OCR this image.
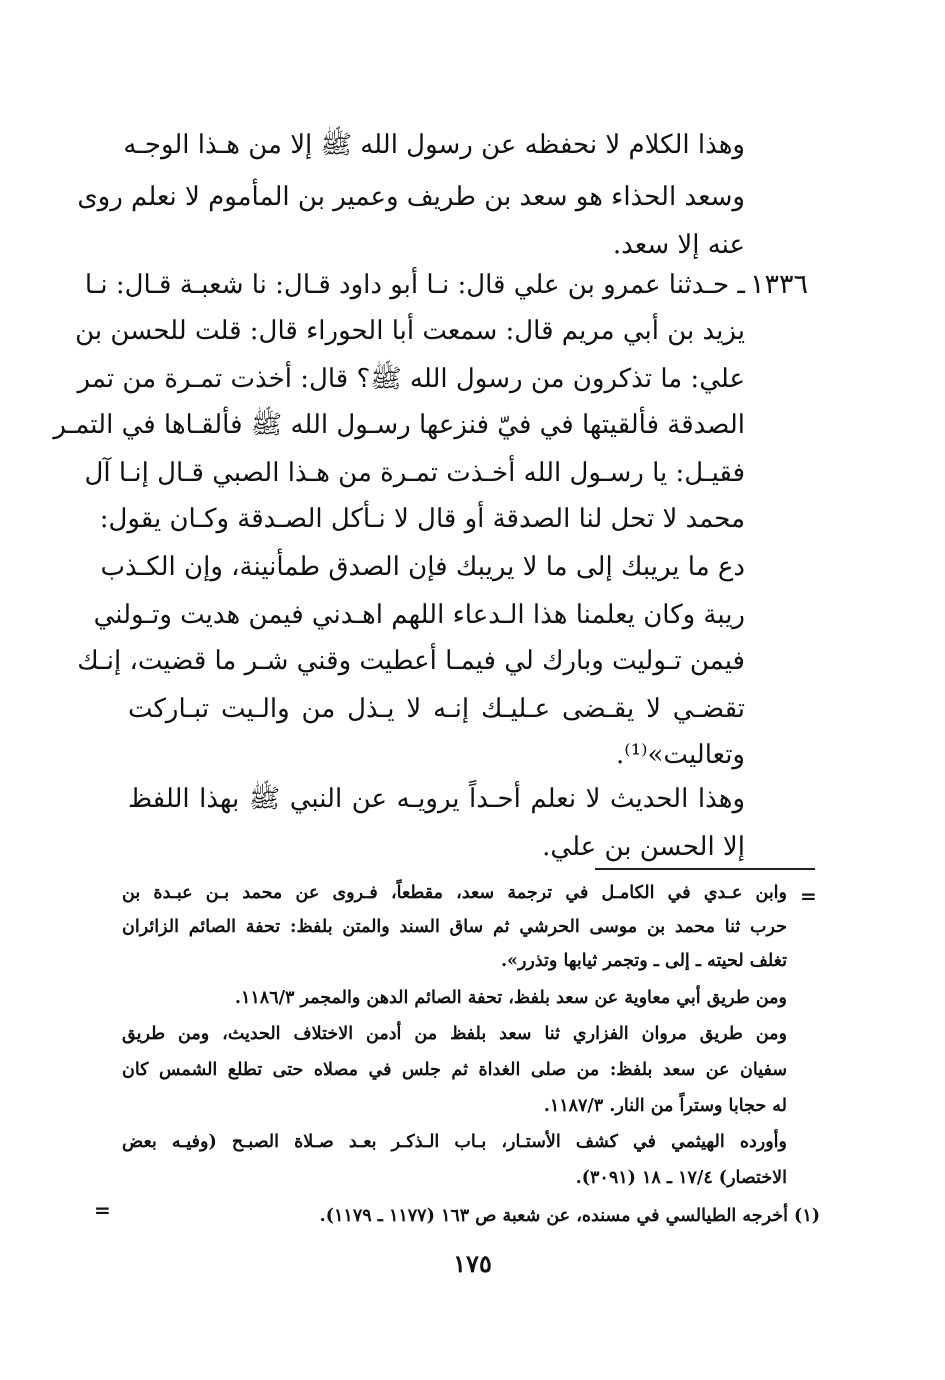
وهذا الكلام لا نحفظه عن رسول الله ﷺ إلا من هـذا الوجـه
وسعد الحذاء هو سعد بن طريف وعمير بن المأموم لا نعلم روى
عنه إلا سعد.
١٣٣٦
ـ حـدثنا عمرو بن علي قال: نـا أبو داود قـال: نا شعبـة قـال: نـا
يزيد بن أبي مريم قال: سمعت أبا الحوراء قال: قلت للحسن بن
علي: ما تذكرون من رسول الله ﷺ؟ قال: أخذت تمـرة من تمر
الصدقة فألقيتها في فيّ فنزعها رسـول الله ﷺ فألقـاها في التمـر
فقيـل: يا رسـول الله أخـذت تمـرة من هـذا الصبي قـال إنـا آل
محمد لا تحل لنا الصدقة أو قال لا نـأكل الصـدقة وكـان يقول:
دع ما يريبك إلى ما لا يريبك فإن الصدق طمأنينة، وإن الكـذب
ريبة وكان يعلمنا هذا الـدعاء اللهم اهـدني فيمن هديت وتـولني
فيمن تـوليت وبارك لي فيمـا أعطيت وقني شـر ما قضيت، إنـك
تقضـي لا يقـضى عـليـك إنـه لا يـذل من والـيت تبـاركت
وتعاليت»⁽¹⁾.
وهذا الحديث لا نعلم أحـداً يرويـه عن النبي ﷺ بهذا اللفظ
إلا الحسن بن علي.
=
وابن عـدي في الكامـل في ترجمة سعد، مقطعاً، فـروى عن محمد بـن عبـدة بن
حرب ثنا محمد بن موسى الحرشي ثم ساق السند والمتن بلفظ: تحفة الصائم الزائران
تغلف لحيته ـ إلى ـ وتجمر ثيابها وتذرر».
ومن طريق أبي معاوية عن سعد بلفظ، تحفة الصائم الدهن والمجمر ١١٨٦/٣.
ومن طريق مروان الفزاري ثنا سعد بلفظ من أدمن الاختلاف الحديث، ومن طريق
سفيان عن سعد بلفظ: من صلى الغداة ثم جلس في مصلاه حتى تطلع الشمس كان
له حجابا وستراً من النار. ١١٨٧/٣.
وأورده الهيثمي في كشف الأستـار، بـاب الـذكـر بعـد صـلاة الصبـح (وفيـه بعض
الاختصار) ١٧/٤ ـ ١٨ (٣٠٩١).
(١) أخرجه الطيالسي في مسنده، عن شعبة ص ١٦٣ (١١٧٧ ـ ١١٧٩).
=
١٧٥
